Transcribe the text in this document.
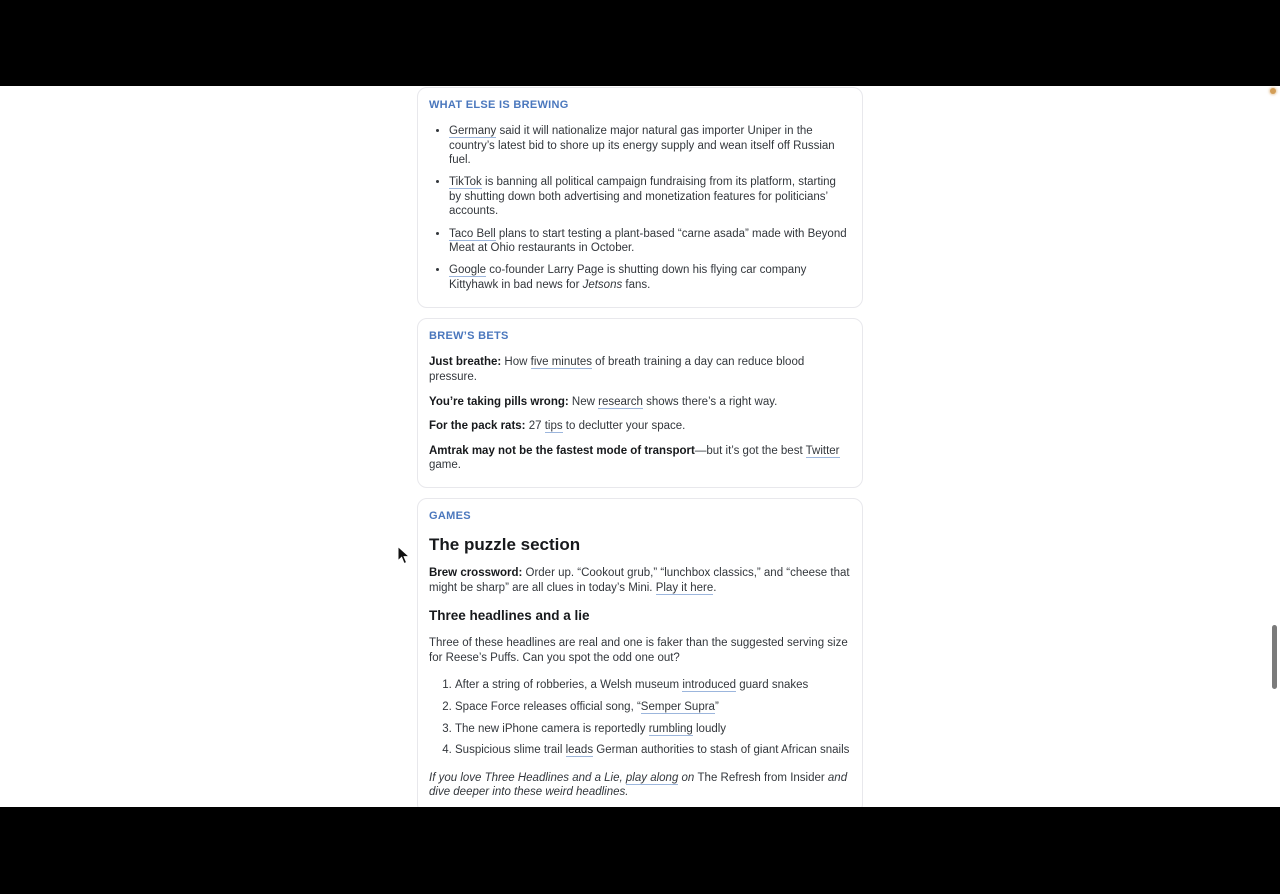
WHAT ELSE IS BREWING
• Germany said it will nationalize major natural gas importer Uniper in the country’s latest bid to shore up its energy supply and wean itself off Russian fuel.
• TikTok is banning all political campaign fundraising from its platform, starting by shutting down both advertising and monetization features for politicians’ accounts.
• Taco Bell plans to start testing a plant-based “carne asada” made with Beyond Meat at Ohio restaurants in October.
• Google co-founder Larry Page is shutting down his flying car company Kittyhawk in bad news for Jetsons fans.
BREW’S BETS

Just breathe: How five minutes of breath training a day can reduce blood pressure.

You’re taking pills wrong: New research shows there’s a right way.

For the pack rats: 27 tips to declutter your space.

Amtrak may not be the fastest mode of transport—but it’s got the best Twitter game.

GAMES
The puzzle section

Brew crossword: Order up. “Cookout grub,” “lunchbox classics,” and “cheese that might be sharp” are all clues in today’s Mini. Play it here.

Three headlines and a lie

Three of these headlines are real and one is faker than the suggested serving size for Reese’s Puffs. Can you spot the odd one out?

1. After a string of robberies, a Welsh museum introduced guard snakes
2. Space Force releases official song, “Semper Supra”
3. The new iPhone camera is reportedly rumbling loudly
4. Suspicious slime trail leads German authorities to stash of giant African snails

If you love Three Headlines and a Lie, play along on The Refresh from Insider and dive deeper into these weird headlines.
